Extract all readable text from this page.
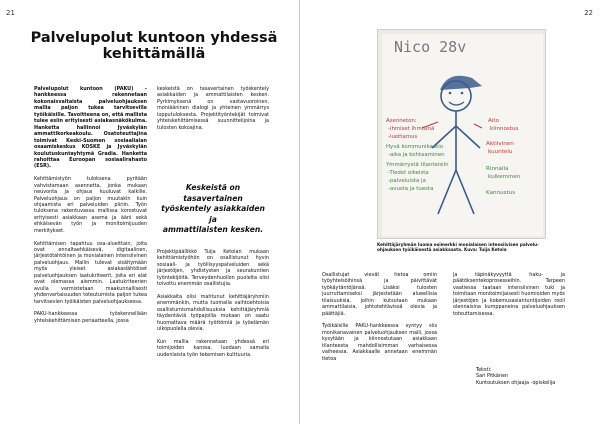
21
Palvelupolut kuntoon yhdessä
kehittämällä

Palvelupolut kuntoon (PAKU) -hankkeessa rakennetaan kokonaisvaltaista palveluohjauksen mallia paljon tukea tarvitseville työikäisille. Tavoitteena on, että mallista tulee esiin erityisesti asiakasnäkökulma. Hanketta hallinnoi Jyväskylän ammattikorkeakoulu. Osatoteuttajina toimivat Keski-Suomen sosiaalialan osaamiskeskus KOSKE ja Jyväskylän koulutuskuntayhtymä Gradia. Hanketta rahoittaa Euroopan sosiaalirahasto (ESR).

Kehittämistyön tuloksena pyritään vahvistamaan asennetta, jonka mukaan neuvonta ja ohjaus kuuluvat kaikille. Palveluohjaus on paljon muutakin kuin ohjaamista eri palveluiden piiriin. Työn tuloksena rakentuvassa mallissa korostuvat erityisesti asiakkaan asema ja ääni sekä ehkäisevän työn ja monitoimijuuden merkitykset.

Kehittämisen tapahtuu osa-alueittain, joita ovat ennaltaehkäisevä, digitaalinen, järjestötähtöinen ja monialainen intensiivinen palveluohjaus. Mallin tulevat sisältymään myös yleiset asiakaslähtöiset palveluohjauksen laatukriteerit, joita eri alat ovat olemassa aiemmin. Laatukriteerien avulla varmistetaan maakunnallisesti yhdenvertaisuuden toteutumista paljon tukea tarvitsevien työikäisten palveluohjauksessa.

PAKU-hankkeessa työskennellään yhteiskehittämisen periaatteella, jossa

keskeistä on tasavertainen työskentely asiakkaiden ja ammattilaisten kesken. Pyrkimyksenä on vastavuoroinen, moniääninen dialogi ja yhteinen ymmärrys lopputuloksesta. Projektityöntekijät toimivat yhteiskehittämisessä suunnittelijoina ja tulosten kokoajina.

Keskeistä on tasavertainen
työskentely asiakkaiden ja
ammattilaisten kesken.

Projektipäällikkö Tuija Ketolan mukaan kehittämistyöhön on osallistunut hyvin sosiaali- ja työllisyyspalveluiden sekä järjestöjen, yhdistysten ja seurakuntien työntekijöitä. Terveydenhuollon puolelta olisi toivottu enemmän osallistujia.

Asiakkaita olisi mahtunut kehittäjäryhmiin enemmänkin, mutta tuomalla vaihtoehtoisia osallistumismahdollisuuksia kehittäjäryhmiä täydentäviä työpajoilla mukaan on saatu huomattava määrä työttömiä ja työelämän ulkopuolella olevia.

Kun mallia rakennetaan yhdessä eri toimijoiden kanssa, luodaan samalla uudenlaista työn tekemisen kulttuuria.

22
Nico 28v
Asenneton:
-ihmiset ihmisinä
-luottamus
Hyvä kommunikaatio
-aika ja kohtaaminen
Ymmärrystä tilanteisiin
-Tiedot oikeista
-palveluista ja
-avusta ja tuesta
Aito
kiinnostus
Aktiivinen
kuuntelu
Rinnalla
kulkeminen
Kannustus
Kehittäjäryhmän luoma esimerkki monialaisen intensiivisen palvelu-
ohjauksen työikäisestä asiakkaasta. Kuva: Tuija Ketola

Osallistujat vievät tietoa omiin työyhteisöihinsä ja päivittävät työkäytäntöjänsä. Lisäksi tulosten juurruttamiseksi järjestetään alueellisia tilaisuuksia, joihin kutsutaan mukaan ammattilaisia, johtotehtävissä olevia ja päättäjiä.

Työikäisille PAKU-hankkeessa syntyy siis monikanavainen palveluohjauksen malli, jossa kysytään ja kiinnostutaan asiakkaan tilanteesta mahdollisimman varhaisessa vaiheessa. Asiakkaalle annetaan enemmän tietoa

ja täpinäkyvyyttä haku- ja päätöksentekoprosesseihin. Tarpeen vaatiessa taataan intensiivinen tuki ja toimitaan monitoimijaisesti huomioiden myös järjestöjen ja kokemusasiantuntijoiden rooli olennaisina kumppaneina palveluohjauksen toteuttamisessa.

Teksti:
Sari Pitkänen
Kuntoutuksen ohjaaja -opiskelija
